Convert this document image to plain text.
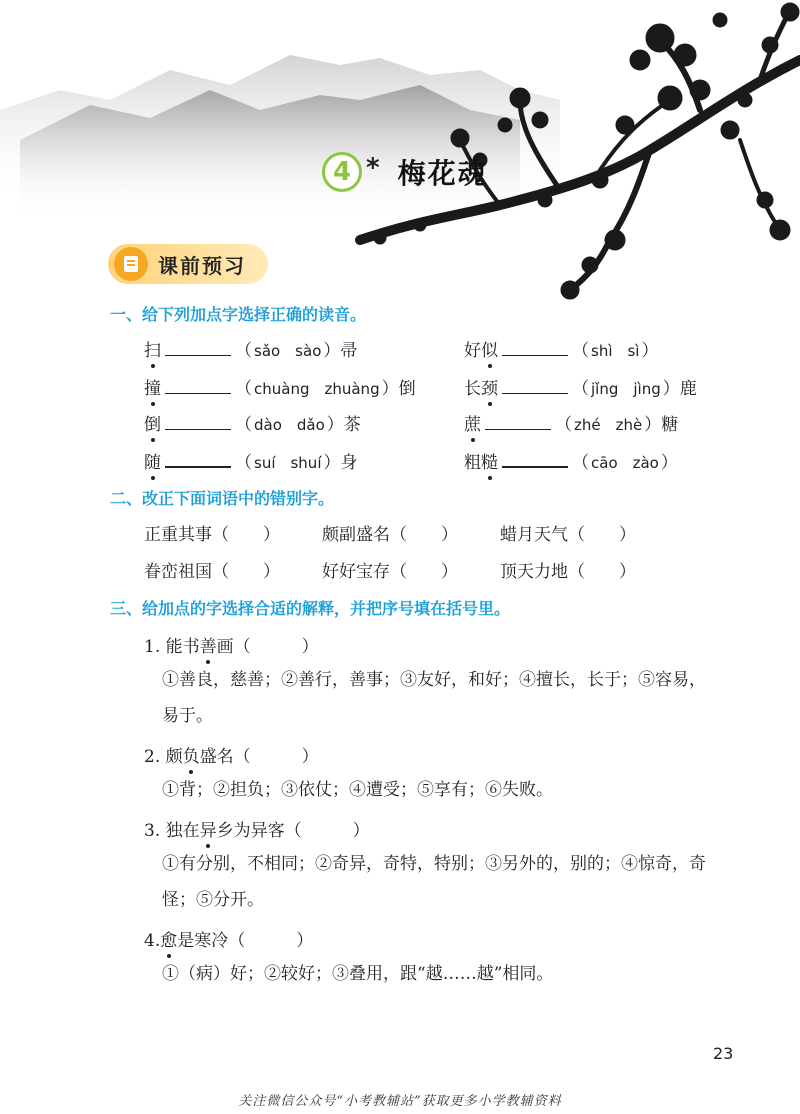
4 * 梅花魂
课前预习
一、给下列加点字选择正确的读音。
扫	（ sǎo　sào ） 帚	好 似	（ shì　sì ）
撞	（ chuàng　zhuàng ） 倒	长 颈	（ jǐng　jìng ） 鹿
倒	（ dào　dǎo ） 茶	蔗	（ zhé　zhè ） 糖
随	（ suí　shuí ） 身	粗 糙	（ cāo　zào ）
二、改正下面词语中的错别字。
正重其事（　　） 颇副盛名（　　） 蜡月天气（　　）
眷峦祖国（　　） 好好宝存（　　） 顶天力地（　　）
三、给加点的字选择合适的解释，并把序号填在括号里。
1. 能书 善 画（　　　）
①善良，慈善；②善行，善事；③友好，和好；④擅长，长于；⑤容易，易于。
2. 颇 负 盛名（　　　）
①背；②担负；③依仗；④遭受；⑤享有；⑥失败。
3. 独在 异 乡为异客（　　　）
①有分别，不相同；②奇异，奇特，特别；③另外的，别的；④惊奇，奇怪；⑤分开。
4. 愈 是寒冷（　　　）
①（病）好；②较好；③叠用，跟“越……越”相同。
23
关注微信公众号“小考教辅站”获取更多小学教辅资料
